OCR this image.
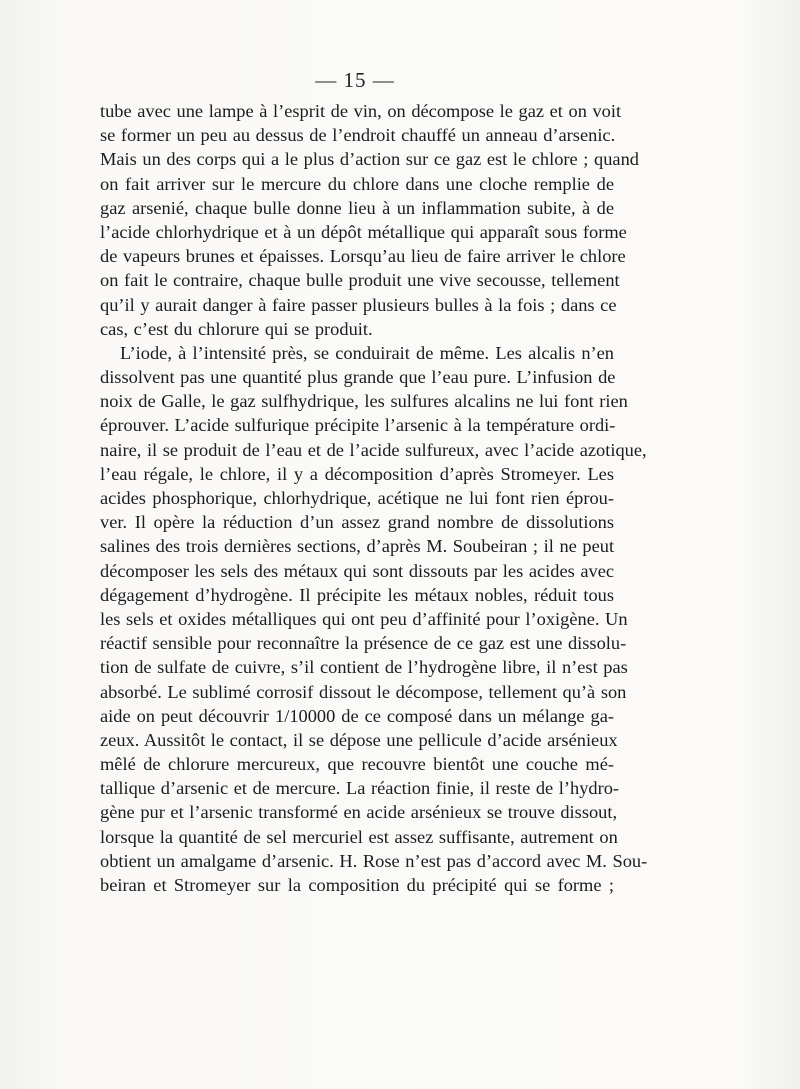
— 15 —
tube avec une lampe à l’esprit de vin, on décompose le gaz et on voit
se former un peu au dessus de l’endroit chauffé un anneau d’arsenic.
Mais un des corps qui a le plus d’action sur ce gaz est le chlore ; quand
on fait arriver sur le mercure du chlore dans une cloche remplie de
gaz arsenié, chaque bulle donne lieu à un inflammation subite, à de
l’acide chlorhydrique et à un dépôt métallique qui apparaît sous forme
de vapeurs brunes et épaisses. Lorsqu’au lieu de faire arriver le chlore
on fait le contraire, chaque bulle produit une vive secousse, tellement
qu’il y aurait danger à faire passer plusieurs bulles à la fois ; dans ce
cas, c’est du chlorure qui se produit.
L’iode, à l’intensité près, se conduirait de même. Les alcalis n’en
dissolvent pas une quantité plus grande que l’eau pure. L’infusion de
noix de Galle, le gaz sulfhydrique, les sulfures alcalins ne lui font rien
éprouver. L’acide sulfurique précipite l’arsenic à la température ordi-
naire, il se produit de l’eau et de l’acide sulfureux, avec l’acide azotique,
l’eau régale, le chlore, il y a décomposition d’après Stromeyer. Les
acides phosphorique, chlorhydrique, acétique ne lui font rien éprou-
ver. Il opère la réduction d’un assez grand nombre de dissolutions
salines des trois dernières sections, d’après M. Soubeiran ; il ne peut
décomposer les sels des métaux qui sont dissouts par les acides avec
dégagement d’hydrogène. Il précipite les métaux nobles, réduit tous
les sels et oxides métalliques qui ont peu d’affinité pour l’oxigène. Un
réactif sensible pour reconnaître la présence de ce gaz est une dissolu-
tion de sulfate de cuivre, s’il contient de l’hydrogène libre, il n’est pas
absorbé. Le sublimé corrosif dissout le décompose, tellement qu’à son
aide on peut découvrir 1/10000 de ce composé dans un mélange ga-
zeux. Aussitôt le contact, il se dépose une pellicule d’acide arsénieux
mêlé de chlorure mercureux, que recouvre bientôt une couche mé-
tallique d’arsenic et de mercure. La réaction finie, il reste de l’hydro-
gène pur et l’arsenic transformé en acide arsénieux se trouve dissout,
lorsque la quantité de sel mercuriel est assez suffisante, autrement on
obtient un amalgame d’arsenic. H. Rose n’est pas d’accord avec M. Sou-
beiran et Stromeyer sur la composition du précipité qui se forme ;
